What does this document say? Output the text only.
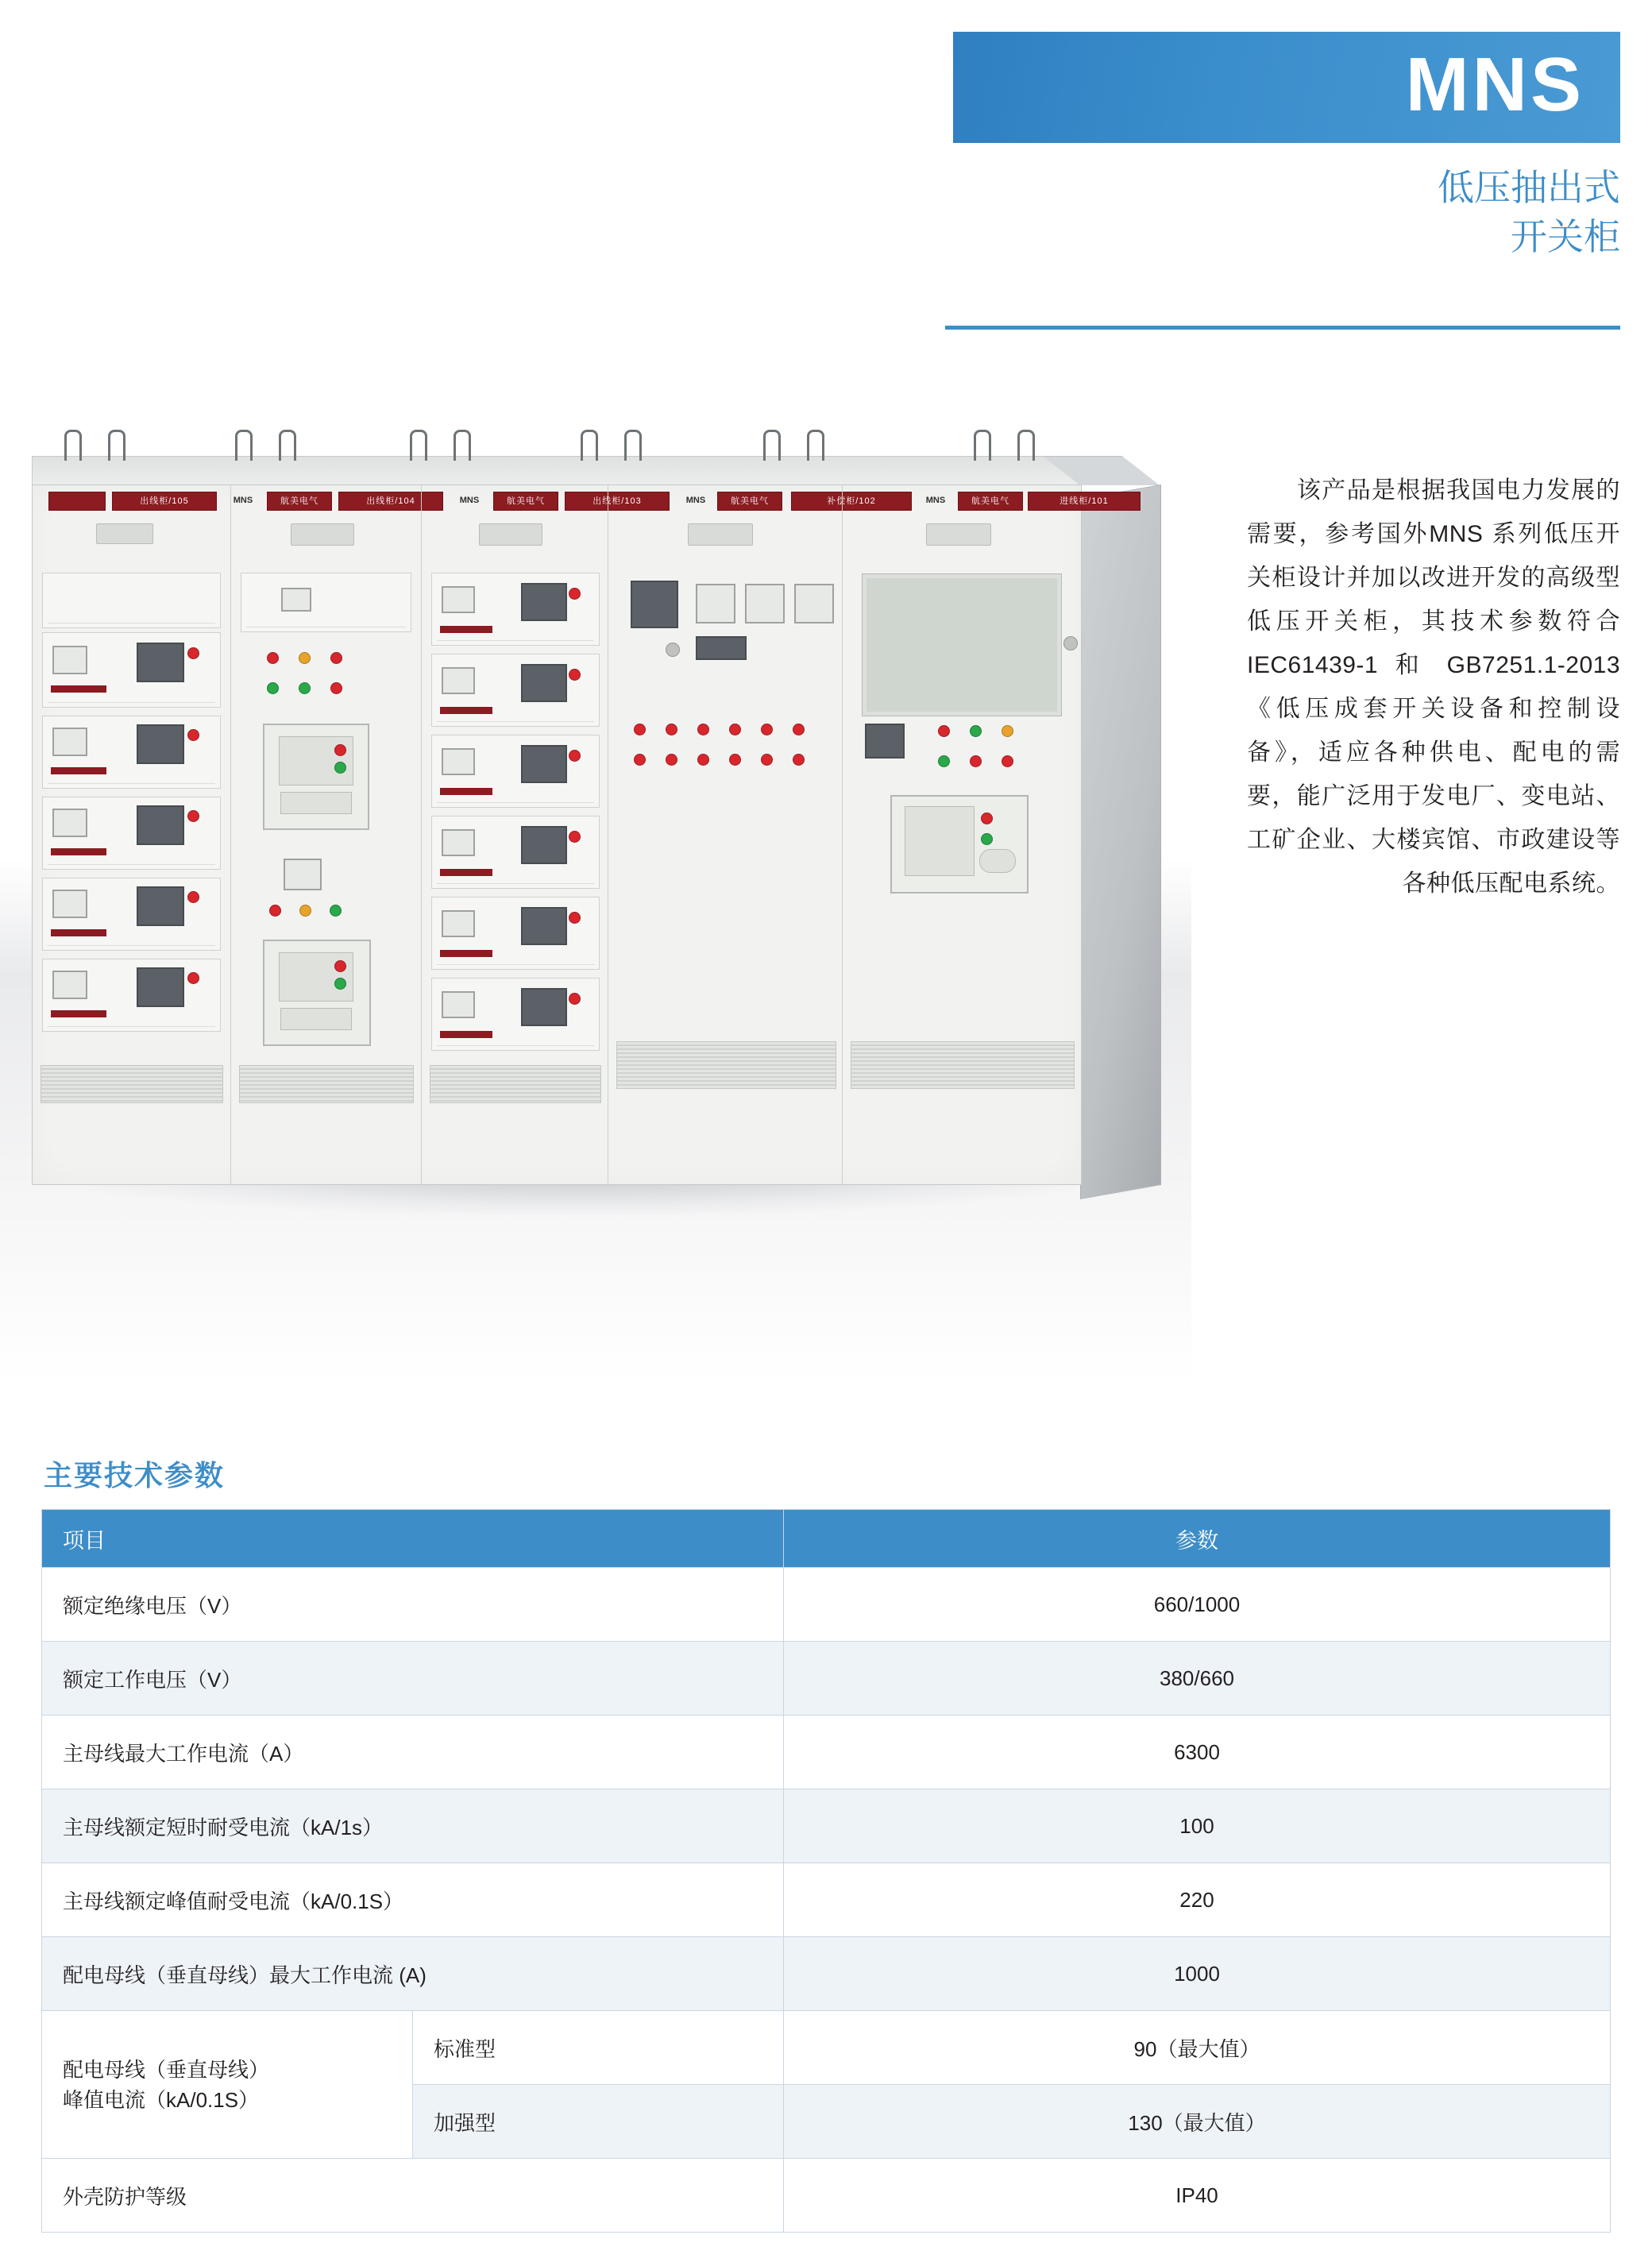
MNS
低压抽出式
开关柜
出线柜/105	MNS	航美电气	出线柜/104	MNS	航美电气	出线柜/103	MNS	航美电气	补偿柜/102	MNS	航美电气	进线柜/101	　　该产品是根据我国电力发展的需要，参考国外MNS 系列低压开关柜设计并加以改进开发的高级型低压开关柜，其技术参数符合IEC61439-1 和 GB7251.1-2013《低压成套开关设备和控制设备》，适应各种供电、配电的需要，能广泛用于发电厂、变电站、工矿企业、大楼宾馆、市政建设等各种低压配电系统。
主要技术参数
项目		参数
额定绝缘电压（V）		660/1000
额定工作电压（V）		380/660
主母线最大工作电流（A）		6300
主母线额定短时耐受电流（kA/1s）		100
主母线额定峰值耐受电流（kA/0.1S）		220
配电母线（垂直母线）最大工作电流 (A)		1000

配电母线（垂直母线）
峰值电流（kA/0.1S）	标准型	90（最大值）
	加强型	130（最大值）
外壳防护等级		IP40
